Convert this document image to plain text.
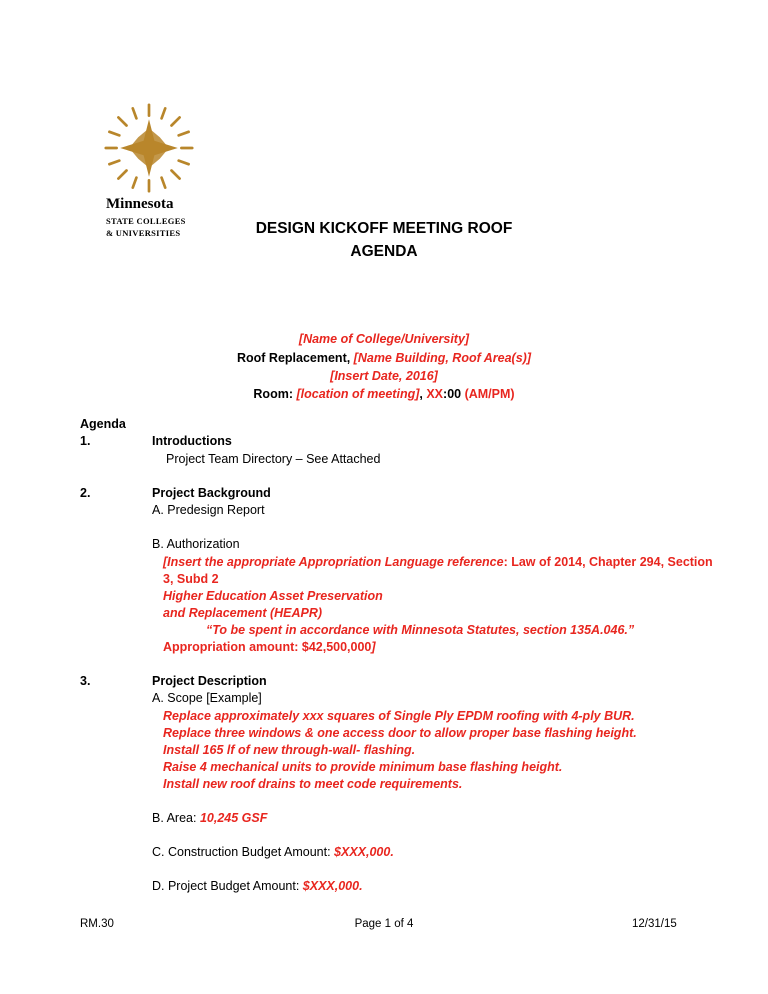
Minnesota
STATE COLLEGES
& UNIVERSITIES	DESIGN KICKOFF MEETING ROOF
AGENDA
[Name of College/University]
Roof Replacement, [Name Building, Roof Area(s)]
[Insert Date, 2016]
Room: [location of meeting], XX:00 (AM/PM)
Agenda
1.	Introductions
Project Team Directory – See Attached
2.	Project Background
A. Predesign Report
B. Authorization
[Insert the appropriate Appropriation Language reference: Law of 2014, Chapter 294, Section
3, Subd 2
Higher Education Asset Preservation
and Replacement (HEAPR)
“To be spent in accordance with Minnesota Statutes, section 135A.046.”
Appropriation amount: $42,500,000]
3.	Project Description
A. Scope [Example]
Replace approximately xxx squares of Single Ply EPDM roofing with 4-ply BUR.
Replace three windows & one access door to allow proper base flashing height.
Install 165 lf of new through-wall- flashing.
Raise 4 mechanical units to provide minimum base flashing height.
Install new roof drains to meet code requirements.
B. Area: 10,245 GSF
C. Construction Budget Amount: $XXX,000.
D. Project Budget Amount: $XXX,000.
RM.30	Page 1 of 4	12/31/15
